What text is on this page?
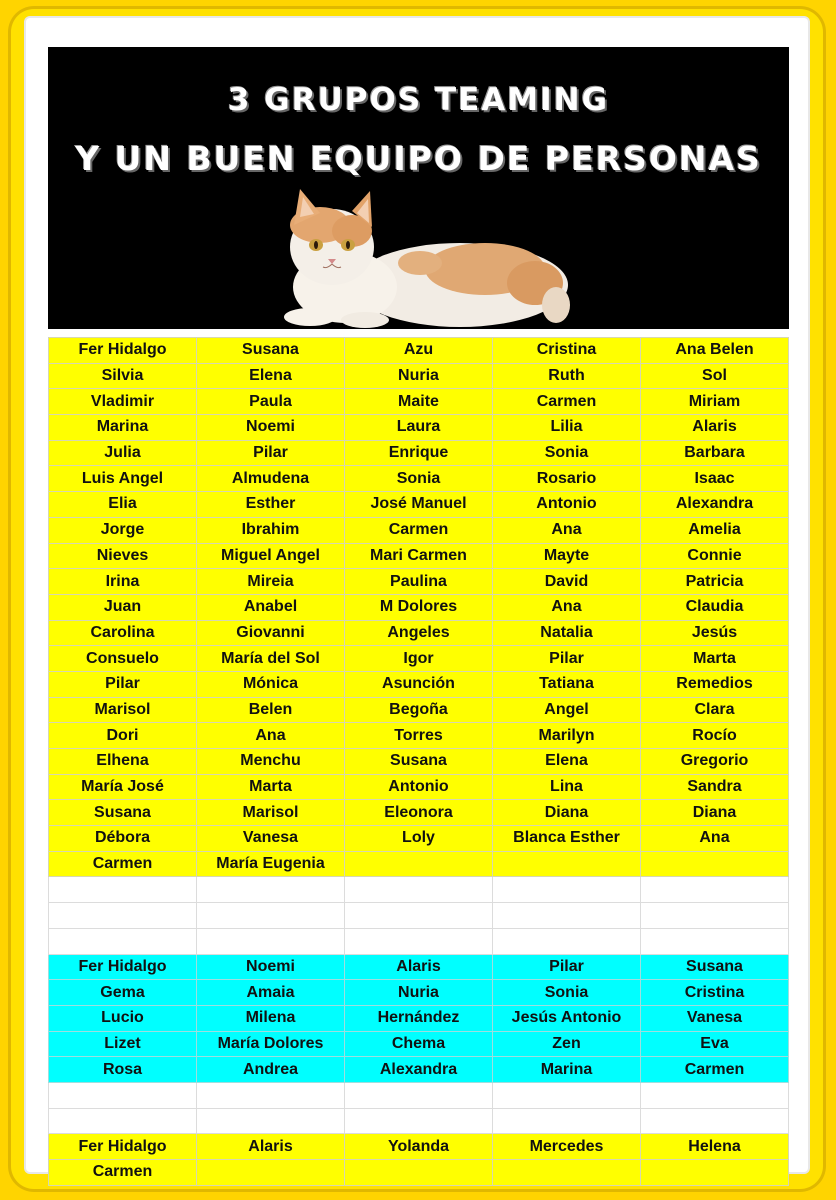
3 GRUPOS TEAMING
Y UN BUEN EQUIPO DE PERSONAS
Fer Hidalgo	Susana	Azu	Cristina	Ana Belen
Silvia	Elena	Nuria	Ruth	Sol
Vladimir	Paula	Maite	Carmen	Miriam
Marina	Noemi	Laura	Lilia	Alaris
Julia	Pilar	Enrique	Sonia	Barbara
Luis Angel	Almudena	Sonia	Rosario	Isaac
Elia	Esther	José Manuel	Antonio	Alexandra
Jorge	Ibrahim	Carmen	Ana	Amelia
Nieves	Miguel Angel	Mari Carmen	Mayte	Connie
Irina	Mireia	Paulina	David	Patricia
Juan	Anabel	M Dolores	Ana	Claudia
Carolina	Giovanni	Angeles	Natalia	Jesús
Consuelo	María del Sol	Igor	Pilar	Marta
Pilar	Mónica	Asunción	Tatiana	Remedios
Marisol	Belen	Begoña	Angel	Clara
Dori	Ana	Torres	Marilyn	Rocío
Elhena	Menchu	Susana	Elena	Gregorio
María José	Marta	Antonio	Lina	Sandra
Susana	Marisol	Eleonora	Diana	Diana
Débora	Vanesa	Loly	Blanca Esther	Ana
Carmen	María Eugenia			

Fer Hidalgo	Noemi	Alaris	Pilar	Susana
Gema	Amaia	Nuria	Sonia	Cristina
Lucio	Milena	Hernández	Jesús Antonio	Vanesa
Lizet	María Dolores	Chema	Zen	Eva
Rosa	Andrea	Alexandra	Marina	Carmen

Fer Hidalgo	Alaris	Yolanda	Mercedes	Helena
Carmen				
